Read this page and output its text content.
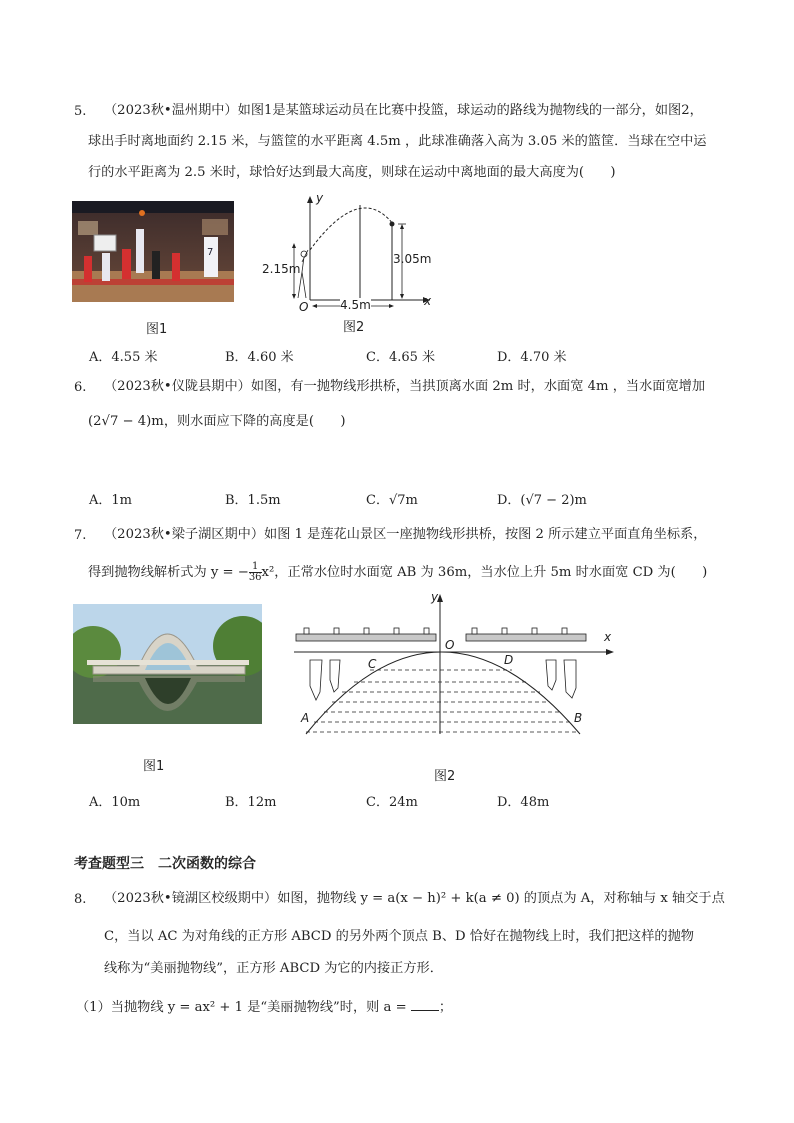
5. （2023秋•温州期中）如图1是某篮球运动员在比赛中投篮，球运动的路线为抛物线的一部分，如图2，
球出手时离地面约 2.15 米，与篮筐的水平距离 4.5m ，此球准确落入高为 3.05 米的篮筐．当球在空中运
行的水平距离为 2.5 米时，球恰好达到最大高度，则球在运动中离地面的最大高度为(　　)
7
图1
y
x
O
2.15m
3.05m
4.5m
图2
A．4.55 米	B．4.60 米	C．4.65 米	D．4.70 米
6. （2023秋•仪陇县期中）如图，有一抛物线形拱桥，当拱顶离水面 2m 时，水面宽 4m ，当水面宽增加
(2√7 − 4)m，则水面应下降的高度是(　　)
A．1m	B．1.5m	C．√7m	D．(√7 − 2)m
7. （2023秋•梁子湖区期中）如图 1 是莲花山景区一座抛物线形拱桥，按图 2 所示建立平面直角坐标系，
得到抛物线解析式为 y = − $\frac{1}{36} x^2$，正常水位时水面宽 AB 为 36m，当水位上升 5m 时水面宽 CD 为(　　)
图1
y
x
O
C	D
A	B
图2
A．10m	B．12m	C．24m	D．48m
考查题型三　二次函数的综合
8. （2023秋•镜湖区校级期中）如图，抛物线 y = a(x − h)² + k(a ≠ 0) 的顶点为 A，对称轴与 x 轴交于点
C，当以 AC 为对角线的正方形 ABCD 的另外两个顶点 B、D 恰好在抛物线上时，我们把这样的抛物
线称为“美丽抛物线”，正方形 ABCD 为它的内接正方形．
（1）当抛物线 y = ax² + 1 是“美丽抛物线”时，则 a = ；
